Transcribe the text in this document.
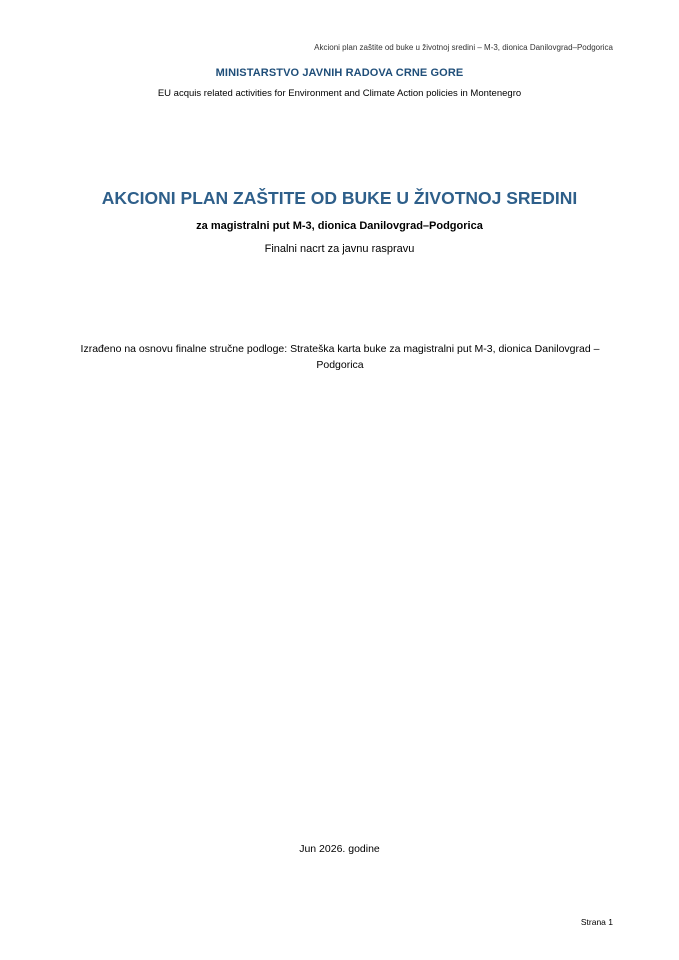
Akcioni plan zaštite od buke u životnoj sredini – M-3, dionica Danilovgrad–Podgorica
MINISTARSTVO JAVNIH RADOVA CRNE GORE
EU acquis related activities for Environment and Climate Action policies in Montenegro
AKCIONI PLAN ZAŠTITE OD BUKE U ŽIVOTNOJ SREDINI
za magistralni put M-3, dionica Danilovgrad–Podgorica
Finalni nacrt za javnu raspravu
Izrađeno na osnovu finalne stručne podloge: Strateška karta buke za magistralni put M-3, dionica Danilovgrad – Podgorica
Jun 2026. godine
Strana 1
